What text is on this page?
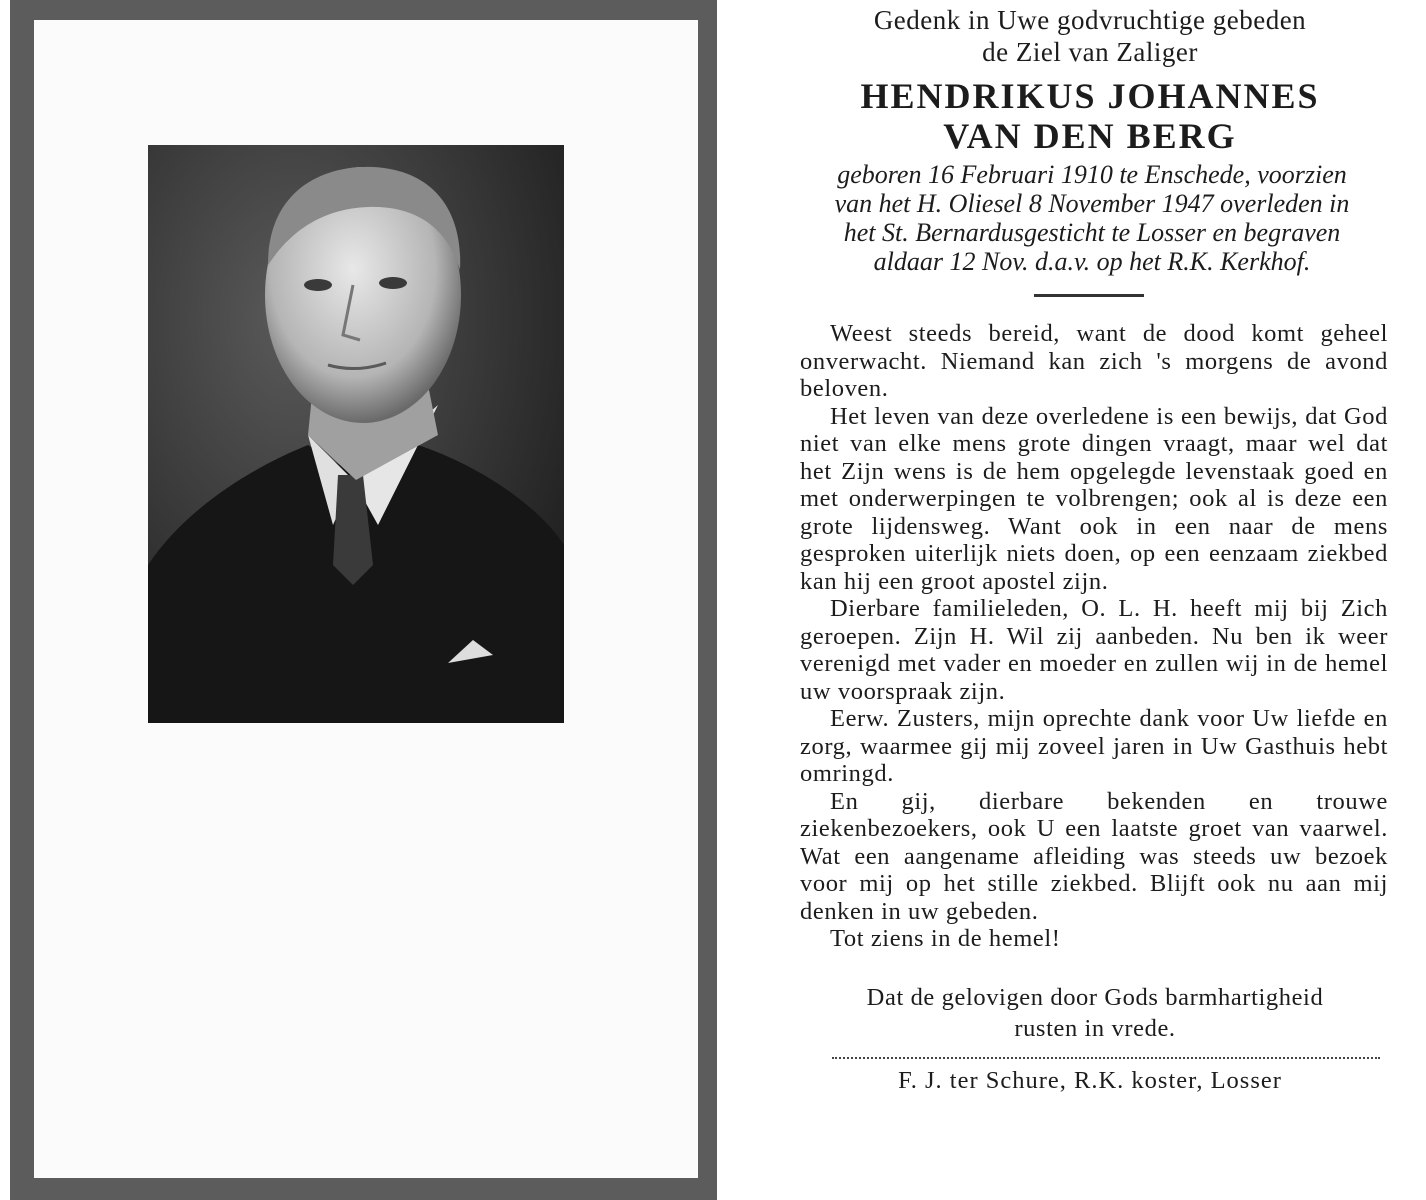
Gedenk in Uwe godvruchtige gebeden
de Ziel van Zaliger
HENDRIKUS JOHANNES
VAN DEN BERG
geboren 16 Februari 1910 te Enschede, voorzien
van het H. Oliesel 8 November 1947 overleden in
het St. Bernardusgesticht te Losser en begraven
aldaar 12 Nov. d.a.v. op het R.K. Kerkhof.

Weest steeds bereid, want de dood komt geheel onverwacht. Niemand kan zich 's morgens de avond beloven.

Het leven van deze overledene is een bewijs, dat God niet van elke mens grote dingen vraagt, maar wel dat het Zijn wens is de hem opgelegde levenstaak goed en met onderwerpingen te volbrengen; ook al is deze een grote lijdensweg. Want ook in een naar de mens gesproken uiterlijk niets doen, op een eenzaam ziekbed kan hij een groot apostel zijn.

Dierbare familieleden, O. L. H. heeft mij bij Zich geroepen. Zijn H. Wil zij aanbeden. Nu ben ik weer verenigd met vader en moeder en zullen wij in de hemel uw voorspraak zijn.

Eerw. Zusters, mijn oprechte dank voor Uw liefde en zorg, waarmee gij mij zoveel jaren in Uw Gasthuis hebt omringd.

En gij, dierbare bekenden en trouwe ziekenbezoekers, ook U een laatste groet van vaarwel. Wat een aangename afleiding was steeds uw bezoek voor mij op het stille ziekbed. Blijft ook nu aan mij denken in uw gebeden.

Tot ziens in de hemel!

Dat de gelovigen door Gods barmhartigheid
rusten in vrede.
F. J. ter Schure, R.K. koster, Losser
